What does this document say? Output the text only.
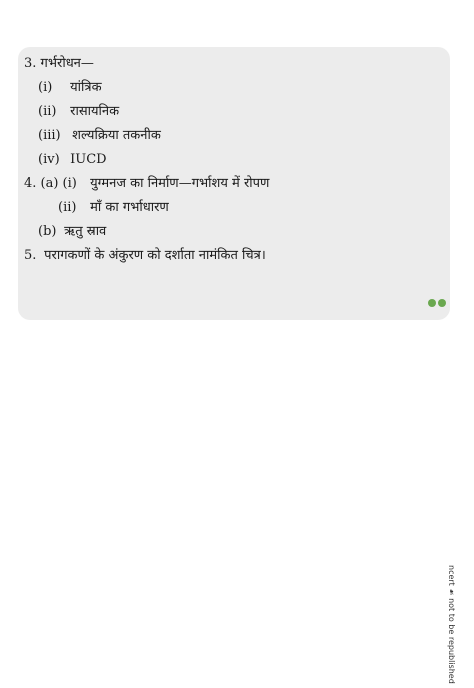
3. गर्भरोधन—
(i) यांत्रिक
(ii) रासायनिक
(iii) शल्यक्रिया तकनीक
(iv) IUCD
4. (a) (i) युग्मनज का निर्माण—गर्भाशय में रोपण
(ii) माँ का गर्भाधारण
(b) ऋतु स्राव
5. परागकणों के अंकुरण को दर्शाता नामंकित चित्र।
ncert ☙ not to be republished
